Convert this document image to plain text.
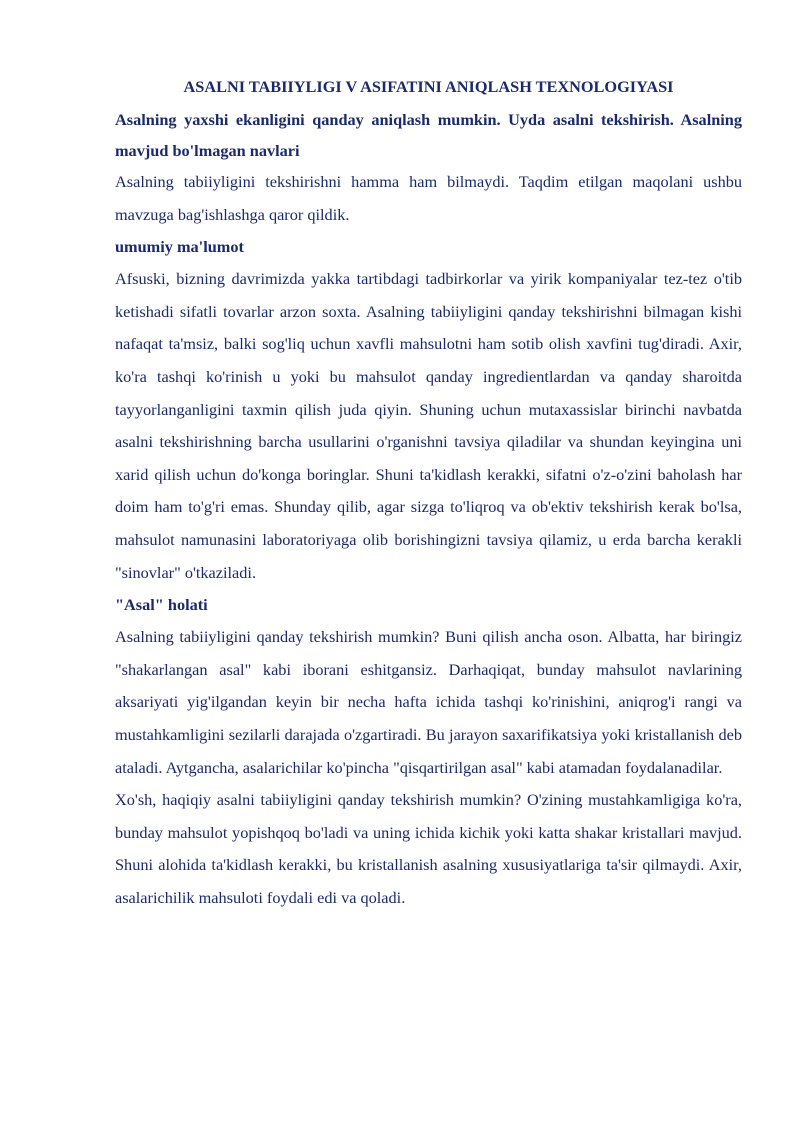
ASALNI TABIIYLIGI V ASIFATINI ANIQLASH TEXNOLOGIYASI

Asalning yaxshi ekanligini qanday aniqlash mumkin. Uyda asalni tekshirish. Asalning mavjud bo'lmagan navlari

Asalning tabiiyligini tekshirishni hamma ham bilmaydi. Taqdim etilgan maqolani ushbu mavzuga bag'ishlashga qaror qildik.

umumiy ma'lumot

Afsuski, bizning davrimizda yakka tartibdagi tadbirkorlar va yirik kompaniyalar tez-tez o'tib ketishadi sifatli tovarlar arzon soxta. Asalning tabiiyligini qanday tekshirishni bilmagan kishi nafaqat ta'msiz, balki sog'liq uchun xavfli mahsulotni ham sotib olish xavfini tug'diradi. Axir, ko'ra tashqi ko'rinish u yoki bu mahsulot qanday ingredientlardan va qanday sharoitda tayyorlanganligini taxmin qilish juda qiyin. Shuning uchun mutaxassislar birinchi navbatda asalni tekshirishning barcha usullarini o'rganishni tavsiya qiladilar va shundan keyingina uni xarid qilish uchun do'konga boringlar. Shuni ta'kidlash kerakki, sifatni o'z-o'zini baholash har doim ham to'g'ri emas. Shunday qilib, agar sizga to'liqroq va ob'ektiv tekshirish kerak bo'lsa, mahsulot namunasini laboratoriyaga olib borishingizni tavsiya qilamiz, u erda barcha kerakli "sinovlar" o'tkaziladi.

"Asal" holati

Asalning tabiiyligini qanday tekshirish mumkin? Buni qilish ancha oson. Albatta, har biringiz "shakarlangan asal" kabi iborani eshitgansiz. Darhaqiqat, bunday mahsulot navlarining aksariyati yig'ilgandan keyin bir necha hafta ichida tashqi ko'rinishini, aniqrog'i rangi va mustahkamligini sezilarli darajada o'zgartiradi. Bu jarayon saxarifikatsiya yoki kristallanish deb ataladi. Aytgancha, asalarichilar ko'pincha "qisqartirilgan asal" kabi atamadan foydalanadilar.

Xo'sh, haqiqiy asalni tabiiyligini qanday tekshirish mumkin? O'zining mustahkamligiga ko'ra, bunday mahsulot yopishqoq bo'ladi va uning ichida kichik yoki katta shakar kristallari mavjud. Shuni alohida ta'kidlash kerakki, bu kristallanish asalning xususiyatlariga ta'sir qilmaydi. Axir, asalarichilik mahsuloti foydali edi va qoladi.
